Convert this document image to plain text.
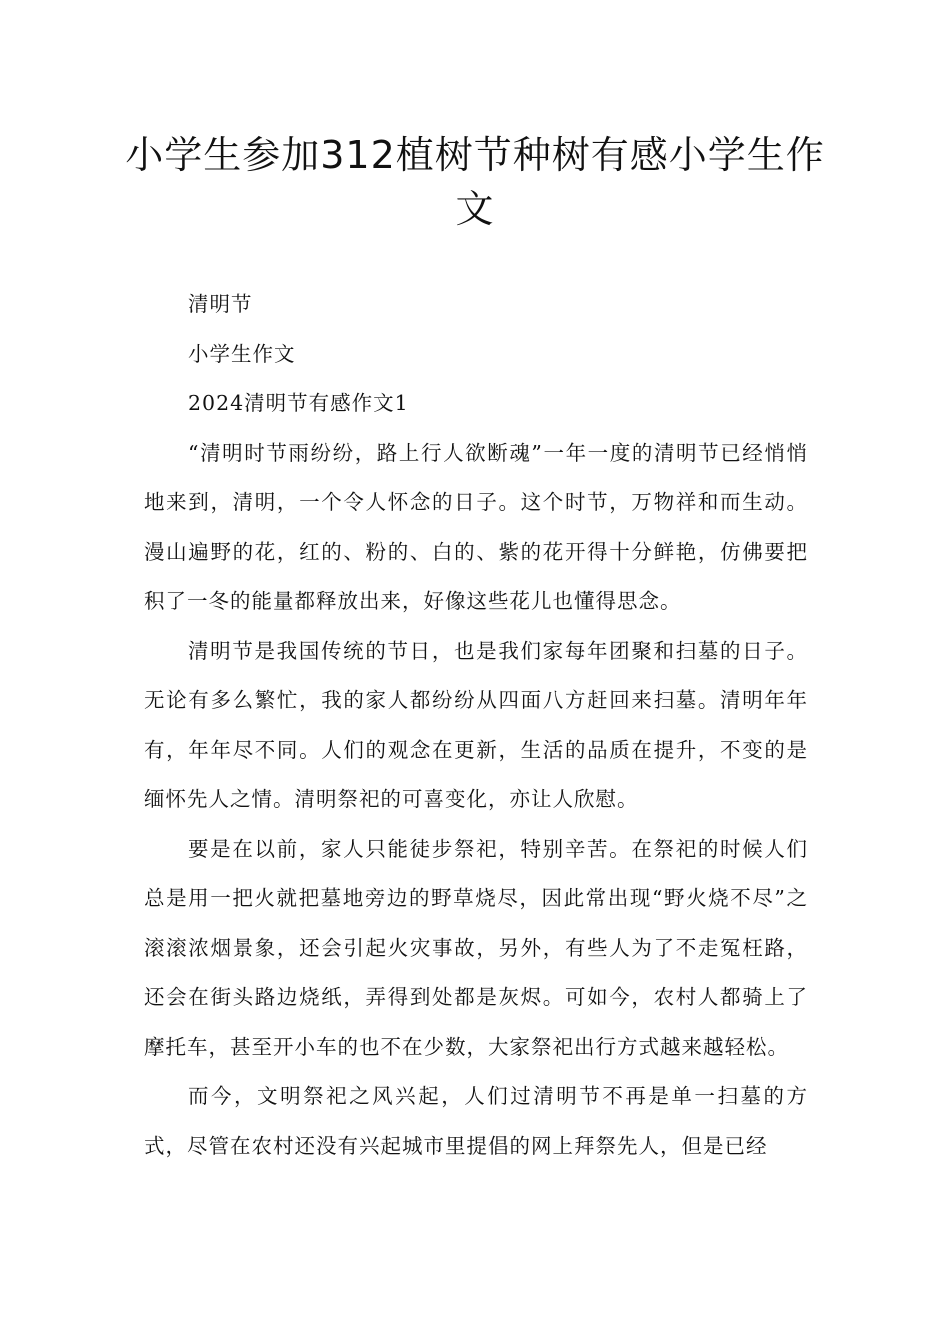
小学生参加312植树节种树有感小学生作文

清明节

小学生作文

2024清明节有感作文1

“清明时节雨纷纷，路上行人欲断魂”一年一度的清明节已经悄悄地来到，清明，一个令人怀念的日子。这个时节，万物祥和而生动。漫山遍野的花，红的、粉的、白的、紫的花开得十分鲜艳，仿佛要把积了一冬的能量都释放出来，好像这些花儿也懂得思念。

清明节是我国传统的节日，也是我们家每年团聚和扫墓的日子。无论有多么繁忙，我的家人都纷纷从四面八方赶回来扫墓。清明年年有，年年尽不同。人们的观念在更新，生活的品质在提升，不变的是缅怀先人之情。清明祭祀的可喜变化，亦让人欣慰。

要是在以前，家人只能徒步祭祀，特别辛苦。在祭祀的时候人们总是用一把火就把墓地旁边的野草烧尽，因此常出现“野火烧不尽”之滚滚浓烟景象，还会引起火灾事故，另外，有些人为了不走冤枉路，还会在街头路边烧纸，弄得到处都是灰烬。可如今，农村人都骑上了摩托车，甚至开小车的也不在少数，大家祭祀出行方式越来越轻松。

而今，文明祭祀之风兴起，人们过清明节不再是单一扫墓的方式，尽管在农村还没有兴起城市里提倡的网上拜祭先人，但是已经
